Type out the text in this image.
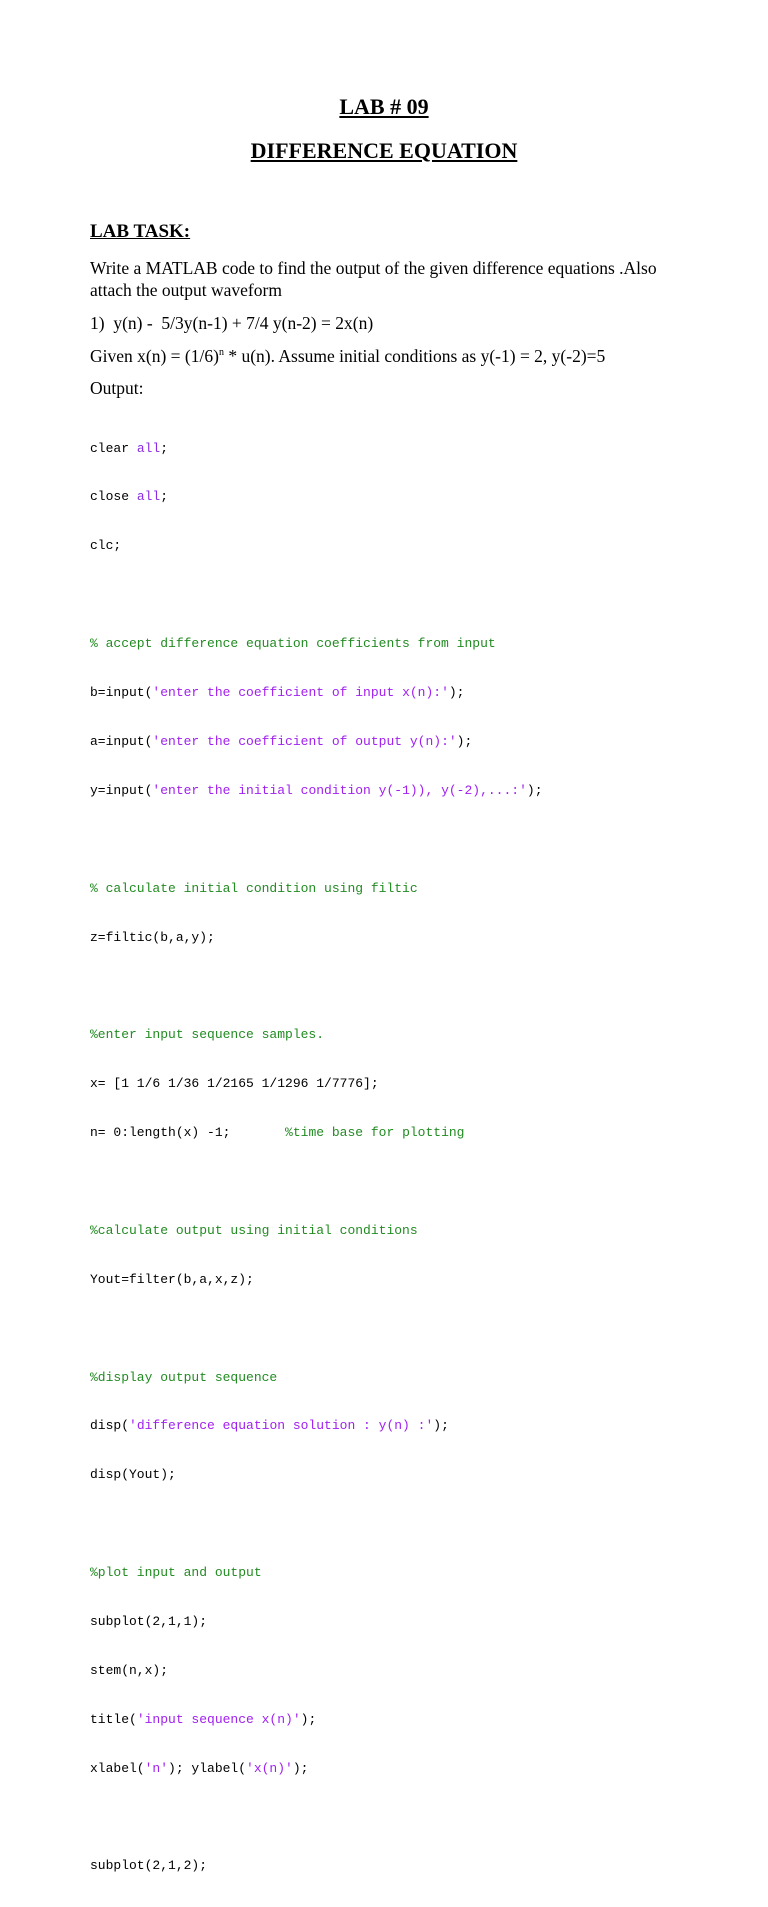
LAB # 09
DIFFERENCE EQUATION
LAB TASK:

Write a MATLAB code to find the output of the given difference equations .Also attach the output waveform

1)  y(n) -  5/3y(n-1) + 7/4 y(n-2) = 2x(n)

Given $x(n) = (1/6)^n * u(n)$. Assume initial conditions as y(-1) = 2, y(-2)=5

Output:

clear all;

close all;

clc;

% accept difference equation coefficients from input

b=input('enter the coefficient of input x(n):');

a=input('enter the coefficient of output y(n):');

y=input('enter the initial condition y(-1)), y(-2),...:');

% calculate initial condition using filtic

z=filtic(b,a,y);

%enter input sequence samples.

x= [1 1/6 1/36 1/2165 1/1296 1/7776];

n= 0:length(x) -1;       %time base for plotting

%calculate output using initial conditions

Yout=filter(b,a,x,z);

%display output sequence

disp('difference equation solution : y(n) :');

disp(Yout);

%plot input and output

subplot(2,1,1);

stem(n,x);

title('input sequence x(n)');

xlabel('n'); ylabel('x(n)');

subplot(2,1,2);
